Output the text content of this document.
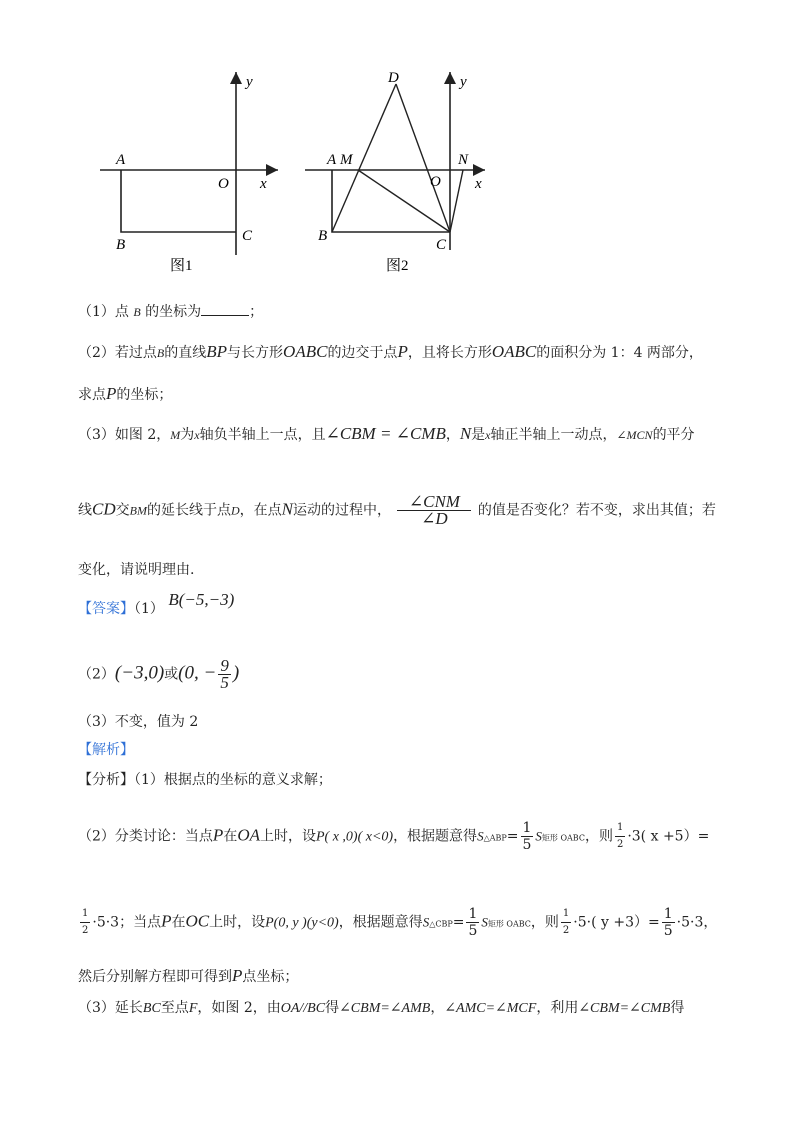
x
y
A
O
B
C
图1
x
y
D
A M
O
N
B
C
图2
（1）点 B 的坐标为	；
（2）若过点B的直线BP与长方形OABC的边交于点P，且将长方形OABC的面积分为 1：4 两部分，
求点P的坐标；
（3）如图 2，M为x轴负半轴上一点，且∠CBM = ∠CMB，N是x轴正半轴上一动点，∠MCN的平分
线CD交BM的延长线于点D，在点N运动的过程中， $\frac{\text{∠CNM}}{\angle D}$ 的值是否变化？若不变，求出其值；若
变化，请说明理由.
【答案】（1） B(−5,−3)
（2）(−3,0)或(0, − $\frac{9}{5}$ )
（3）不变，值为 2
【解析】
【分析】（1）根据点的坐标的意义求解；
（2）分类讨论：当点P在OA上时，设P( x ,0)( x<0)，根据题意得S△ABP= $\frac{1}{5}$ S矩形 OABC，则 $\frac{1}{2} \cdot 3$( x +5）=
$\frac{1}{2} \cdot 5\cdot 3$；当点P在OC上时，设P(0, y )(y<0)，根据题意得S△CBP= $\frac{1}{5}$ S矩形 OABC，则 $\frac{1}{2} \cdot 5\cdot$( $y +3)= \frac{1}{5} \cdot 5\cdot 3$，
然后分别解方程即可得到P点坐标；
（3）延长BC至点F，如图 2，由OA//BC得∠CBM=∠AMB，∠AMC=∠MCF，利用∠CBM=∠CMB得
